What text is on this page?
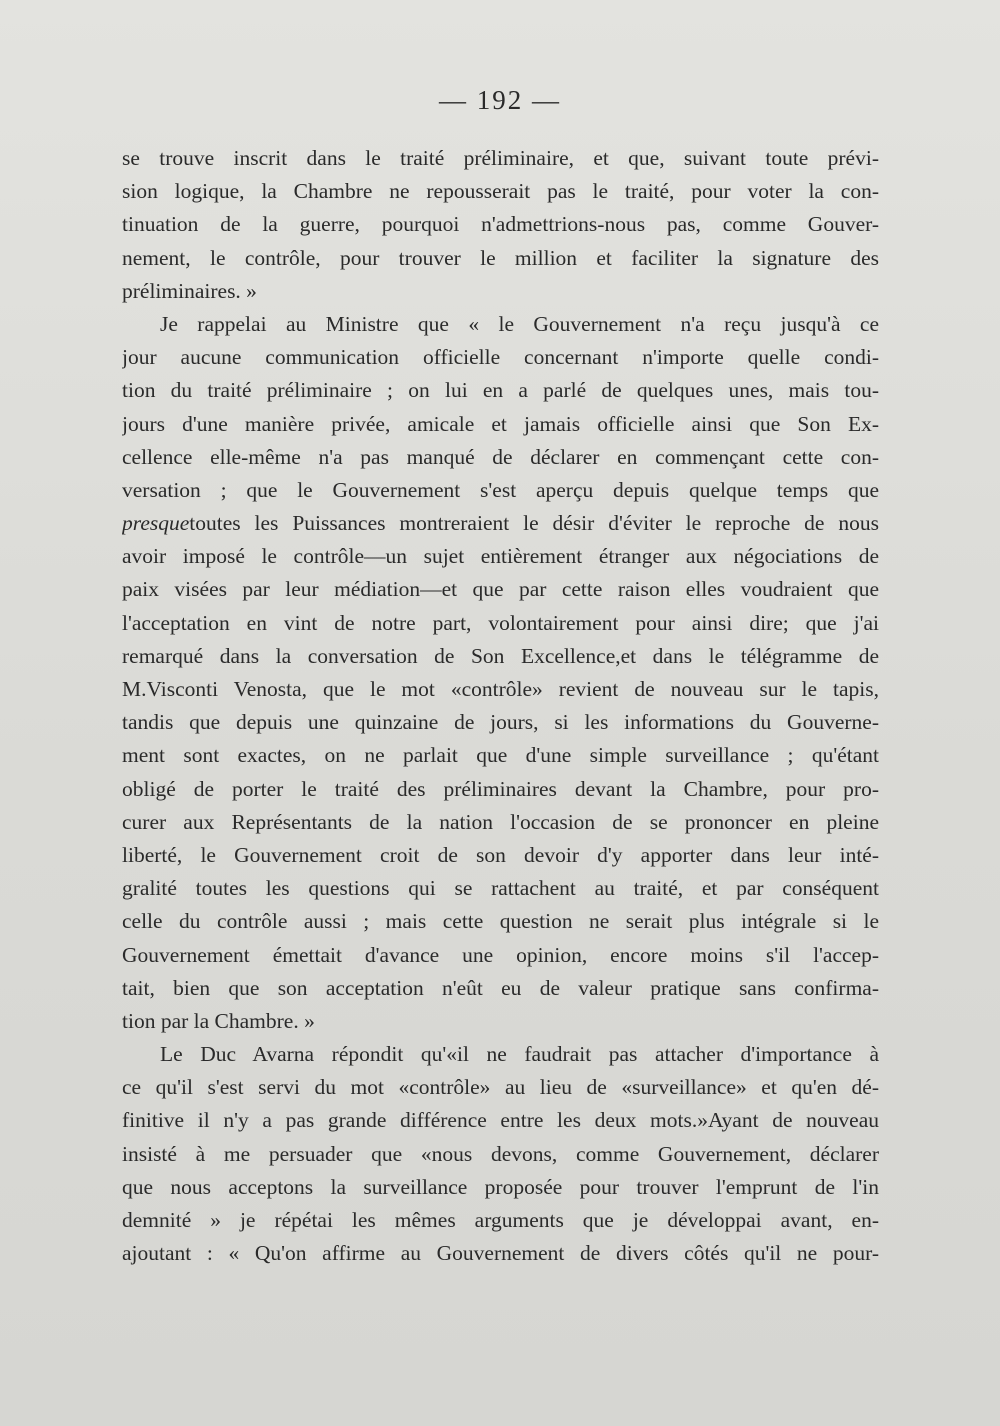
— 192 —
se trouve inscrit dans le traité préliminaire, et que, suivant toute prévi-
sion logique, la Chambre ne repousserait pas le traité, pour voter la con-
tinuation de la guerre, pourquoi n'admettrions-nous pas, comme Gouver-
nement, le contrôle, pour trouver le million et faciliter la signature des
préliminaires. »
Je rappelai au Ministre que « le Gouvernement n'a reçu jusqu'à ce
jour aucune communication officielle concernant n'importe quelle condi-
tion du traité préliminaire ; on lui en a parlé de quelques unes, mais tou-
jours d'une manière privée, amicale et jamais officielle ainsi que Son Ex-
cellence elle-même n'a pas manqué de déclarer en commençant cette con-
versation ; que le Gouvernement s'est aperçu depuis quelque temps que
presquetoutes les Puissances montreraient le désir d'éviter le reproche de nous
avoir imposé le contrôle—un sujet entièrement étranger aux négociations de
paix visées par leur médiation—et que par cette raison elles voudraient que
l'acceptation en vint de notre part, volontairement pour ainsi dire; que j'ai
remarqué dans la conversation de Son Excellence,et dans le télégramme de
M.Visconti Venosta, que le mot «contrôle» revient de nouveau sur le tapis,
tandis que depuis une quinzaine de jours, si les informations du Gouverne-
ment sont exactes, on ne parlait que d'une simple surveillance ; qu'étant
obligé de porter le traité des préliminaires devant la Chambre, pour pro-
curer aux Représentants de la nation l'occasion de se prononcer en pleine
liberté, le Gouvernement croit de son devoir d'y apporter dans leur inté-
gralité toutes les questions qui se rattachent au traité, et par conséquent
celle du contrôle aussi ; mais cette question ne serait plus intégrale si le
Gouvernement émettait d'avance une opinion, encore moins s'il l'accep-
tait, bien que son acceptation n'eût eu de valeur pratique sans confirma-
tion par la Chambre. »
Le Duc Avarna répondit qu'«il ne faudrait pas attacher d'importance à
ce qu'il s'est servi du mot «contrôle» au lieu de «surveillance» et qu'en dé-
finitive il n'y a pas grande différence entre les deux mots.»Ayant de nouveau
insisté à me persuader que «nous devons, comme Gouvernement, déclarer
que nous acceptons la surveillance proposée pour trouver l'emprunt de l'in
demnité » je répétai les mêmes arguments que je développai avant, en-
ajoutant : « Qu'on affirme au Gouvernement de divers côtés qu'il ne pour-
